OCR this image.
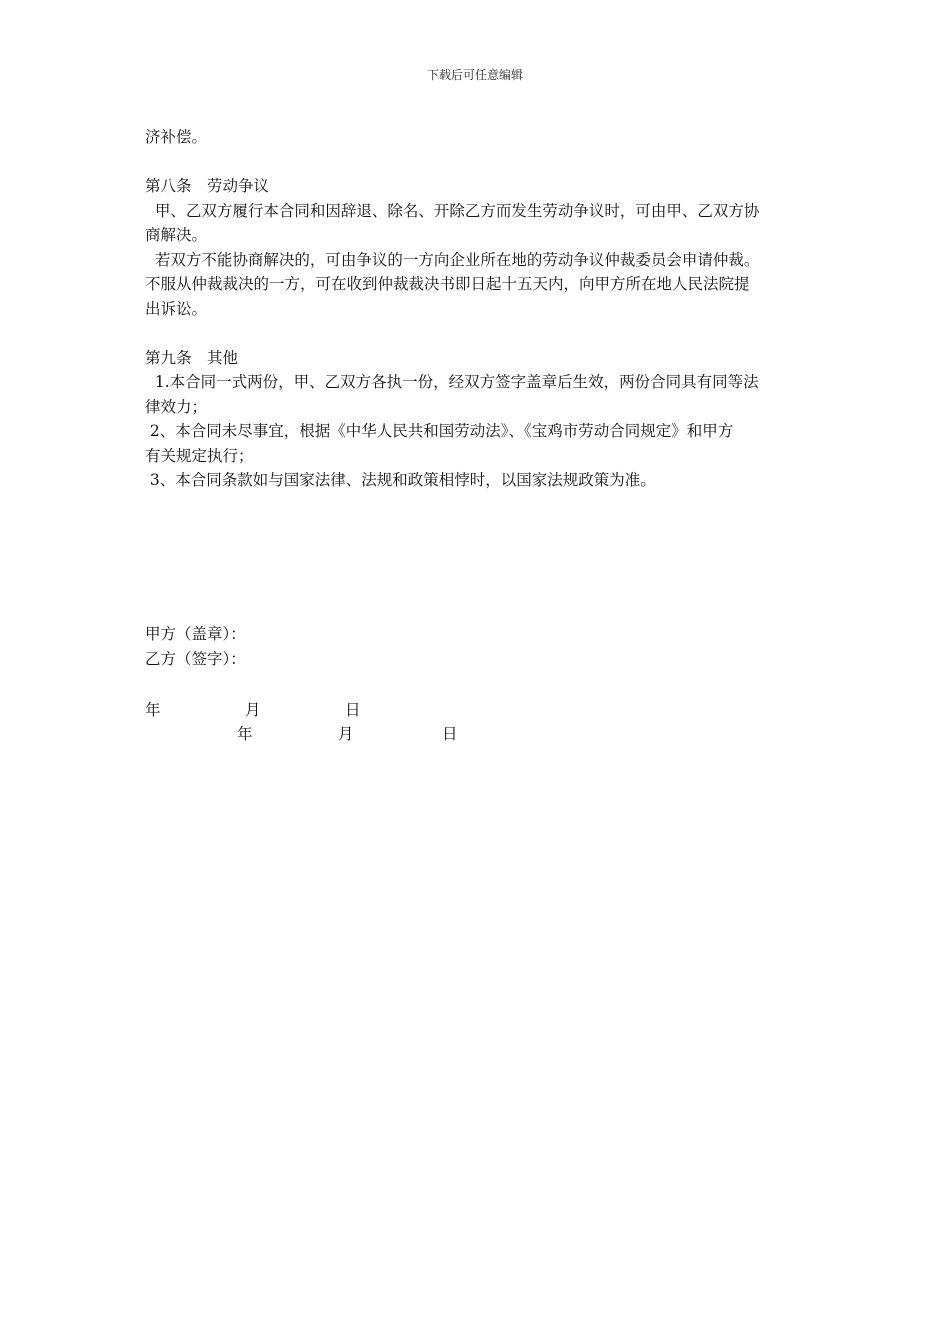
下载后可任意编辑
济补偿。
第八条　劳动争议
甲、乙双方履行本合同和因辞退、除名、开除乙方而发生劳动争议时，可由甲、乙双方协
商解决。
若双方不能协商解决的，可由争议的一方向企业所在地的劳动争议仲裁委员会申请仲裁。
不服从仲裁裁决的一方，可在收到仲裁裁决书即日起十五天内，向甲方所在地人民法院提
出诉讼。
第九条　其他
1.本合同一式两份，甲、乙双方各执一份，经双方签字盖章后生效，两份合同具有同等法
律效力；
2、本合同未尽事宜，根据《中华人民共和国劳动法》、《宝鸡市劳动合同规定》和甲方
有关规定执行；
3、本合同条款如与国家法律、法规和政策相悖时，以国家法规政策为准。
甲方（盖章）：
乙方（签字）：
年	月	日
年	月	日
